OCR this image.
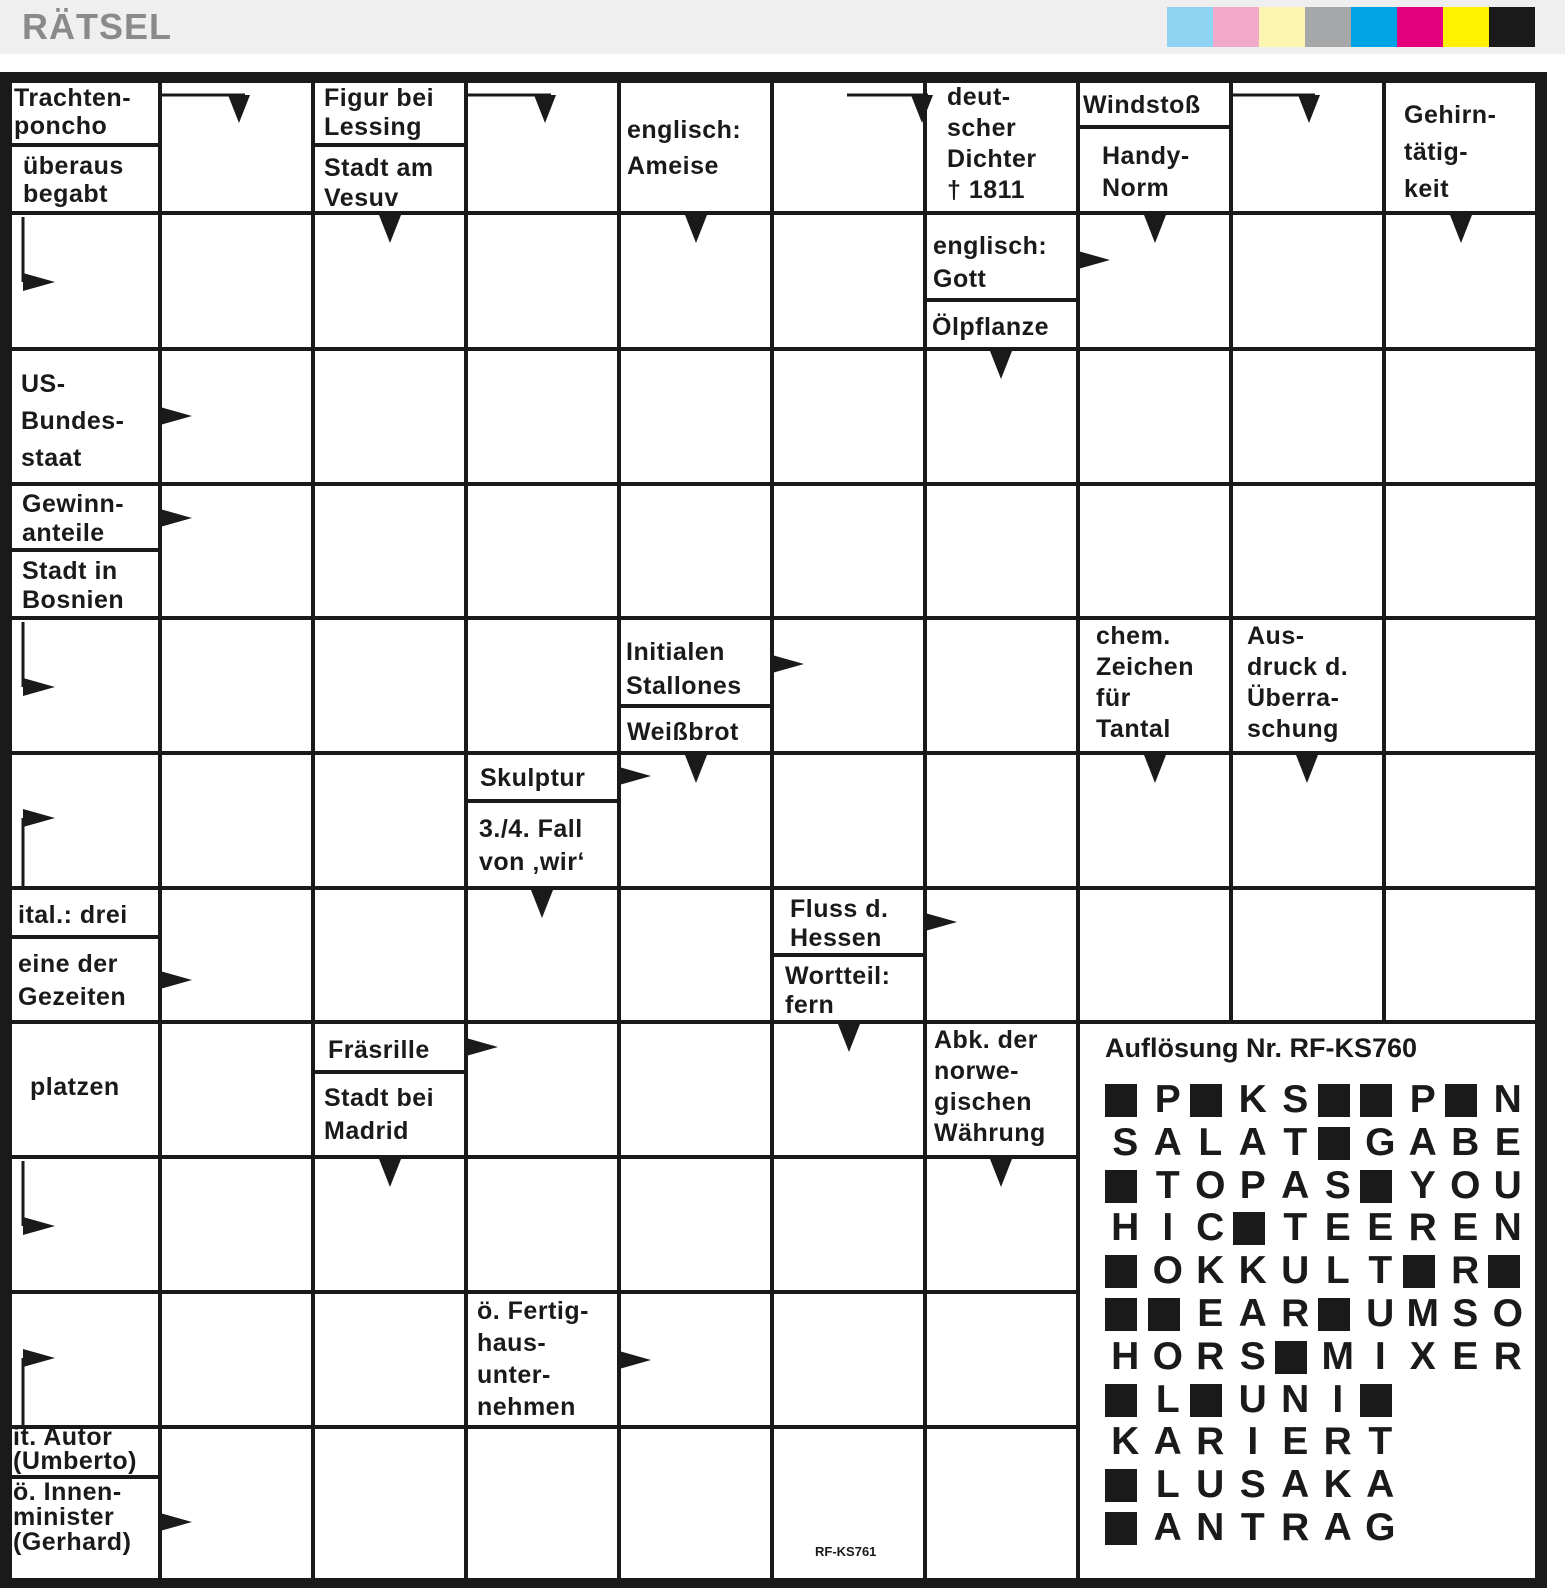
RÄTSEL
Trachten-
poncho
überaus
begabt
Figur bei
Lessing
Stadt am
Vesuv
englisch:
Ameise
deut-
scher
Dichter
† 1811
Windstoß
Handy-
Norm
Gehirn-
tätig-
keit
englisch:
Gott
Ölpflanze
US-
Bundes-
staat
Gewinn-
anteile
Stadt in
Bosnien
Initialen
Stallones
Weißbrot
chem.
Zeichen
für
Tantal
Aus-
druck d.
Überra-
schung
Skulptur
3./4. Fall
von ‚wir‘
ital.: drei
eine der
Gezeiten
Fluss d.
Hessen
Wortteil:
fern
platzen
Fräsrille
Stadt bei
Madrid
Abk. der
norwe-
gischen
Währung
ö. Fertig-
haus-
unter-
nehmen
it. Autor
(Umberto)
ö. Innen-
minister
(Gerhard)
Auflösung Nr. RF-KS760
P K S	P N
S A L A T G A B E
T O P A S Y O U
H I C T E E R E N
O K K U L T R
E A R U M S O
H O R S M I X E R
L U N I
K A R I E R T
L U S A K A
A N T R A G
RF-KS761
